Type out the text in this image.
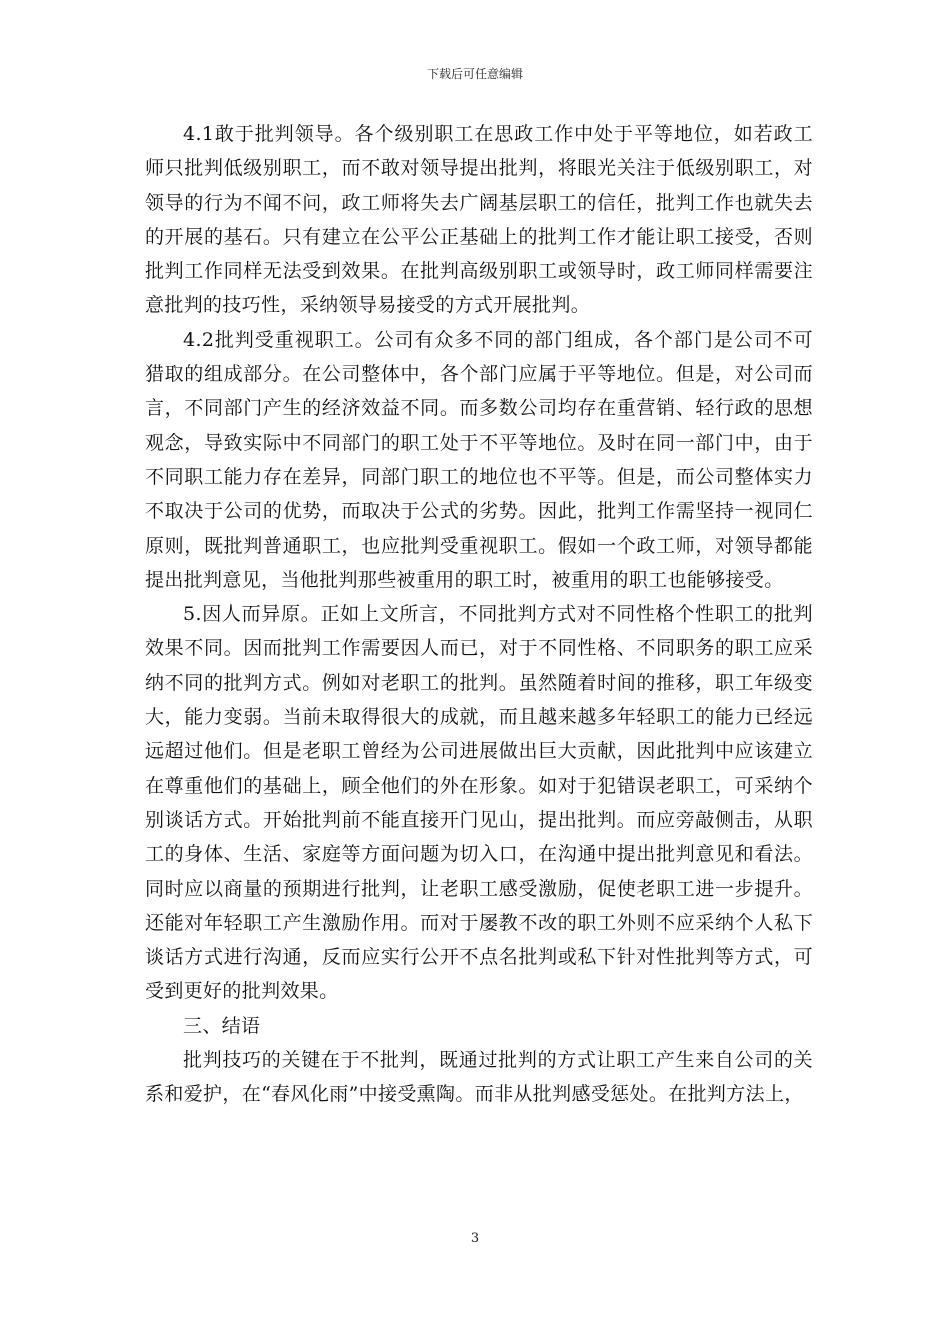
下载后可任意编辑

4.1敢于批判领导。各个级别职工在思政工作中处于平等地位，如若政工师只批判低级别职工，而不敢对领导提出批判，将眼光关注于低级别职工，对领导的行为不闻不问，政工师将失去广阔基层职工的信任，批判工作也就失去的开展的基石。只有建立在公平公正基础上的批判工作才能让职工接受，否则批判工作同样无法受到效果。在批判高级别职工或领导时，政工师同样需要注意批判的技巧性，采纳领导易接受的方式开展批判。

4.2批判受重视职工。公司有众多不同的部门组成，各个部门是公司不可猎取的组成部分。在公司整体中，各个部门应属于平等地位。但是，对公司而言，不同部门产生的经济效益不同。而多数公司均存在重营销、轻行政的思想观念，导致实际中不同部门的职工处于不平等地位。及时在同一部门中，由于不同职工能力存在差异，同部门职工的地位也不平等。但是，而公司整体实力不取决于公司的优势，而取决于公式的劣势。因此，批判工作需坚持一视同仁原则，既批判普通职工，也应批判受重视职工。假如一个政工师，对领导都能提出批判意见，当他批判那些被重用的职工时，被重用的职工也能够接受。

5.因人而异原。正如上文所言，不同批判方式对不同性格个性职工的批判效果不同。因而批判工作需要因人而已，对于不同性格、不同职务的职工应采纳不同的批判方式。例如对老职工的批判。虽然随着时间的推移，职工年级变大，能力变弱。当前未取得很大的成就，而且越来越多年轻职工的能力已经远远超过他们。但是老职工曾经为公司进展做出巨大贡献，因此批判中应该建立在尊重他们的基础上，顾全他们的外在形象。如对于犯错误老职工，可采纳个别谈话方式。开始批判前不能直接开门见山，提出批判。而应旁敲侧击，从职工的身体、生活、家庭等方面问题为切入口，在沟通中提出批判意见和看法。同时应以商量的预期进行批判，让老职工感受激励，促使老职工进一步提升。还能对年轻职工产生激励作用。而对于屡教不改的职工外则不应采纳个人私下谈话方式进行沟通，反而应实行公开不点名批判或私下针对性批判等方式，可受到更好的批判效果。

三、结语

批判技巧的关键在于不批判，既通过批判的方式让职工产生来自公司的关系和爱护，在“春风化雨”中接受熏陶。而非从批判感受惩处。在批判方法上，

3
